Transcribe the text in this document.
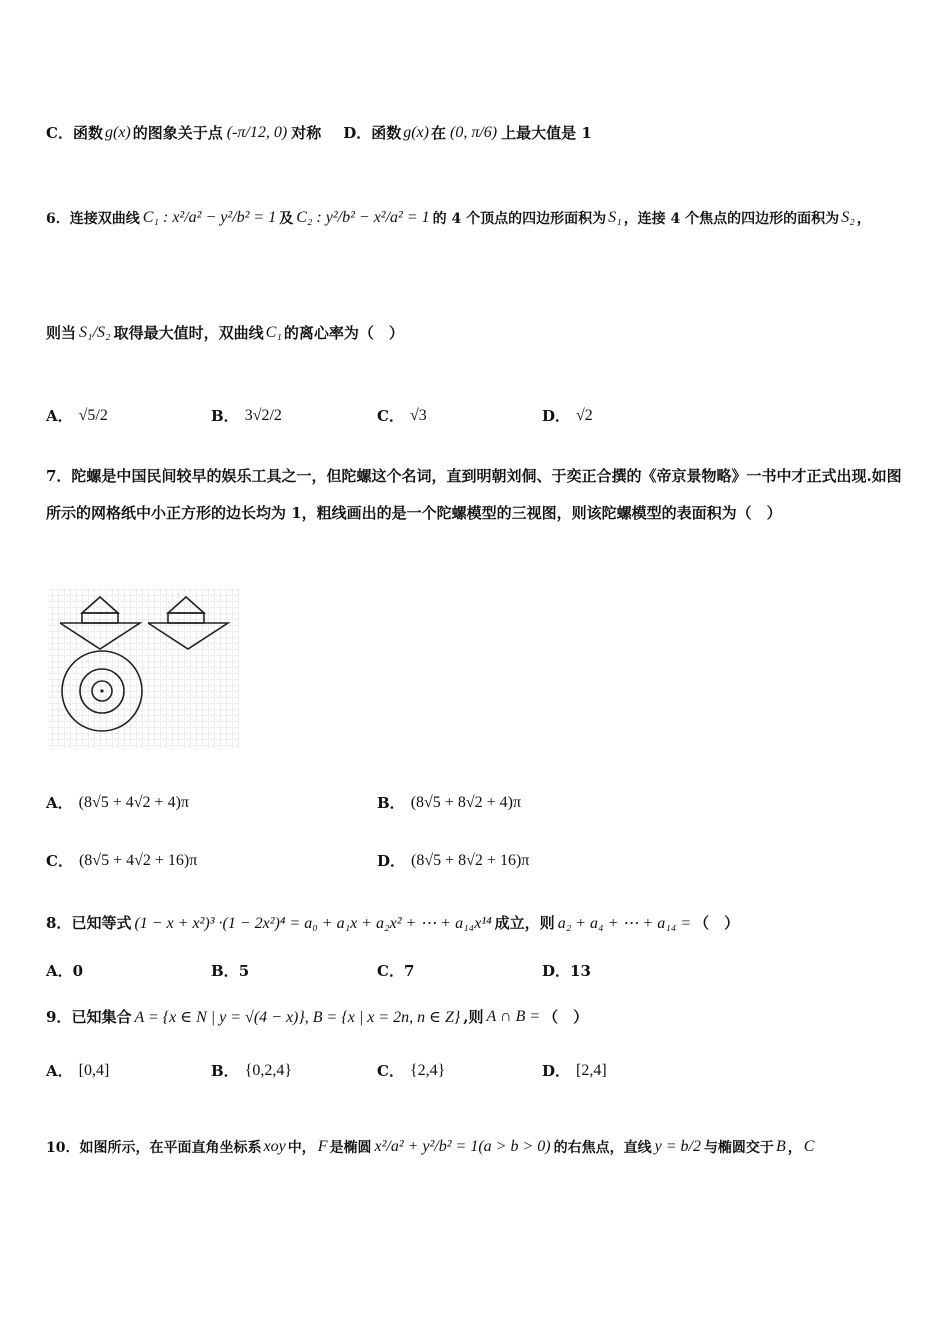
C．函数 g(x) 的图象关于点 (-π/12, 0) 对称 D．函数 g(x) 在 (0, π/6) 上最大值是 1
6． 连接双曲线 C₁ : x²/a² − y²/b² = 1 及 C₂ : y²/b² − x²/a² = 1 的 4 个顶点的四边形面积为 S₁ ，连接 4 个焦点的四边形的面积为 S₂ ，
则当 S₁/S₂ 取得最大值时，双曲线 C₁ 的离心率为（　）
A． √5/2	B． 3√2/2	C． √3	D． √2
7．陀螺是中国民间较早的娱乐工具之一，但陀螺这个名词，直到明朝刘侗、于奕正合撰的《帝京景物略》一书中才正式出现.如图所示的网格纸中小正方形的边长均为 1，粗线画出的是一个陀螺模型的三视图，则该陀螺模型的表面积为（　）
A． (8√5 + 4√2 + 4)π	B． (8√5 + 8√2 + 4)π
C． (8√5 + 4√2 + 16)π	D． (8√5 + 8√2 + 16)π
8． 已知等式 (1 − x + x²)³ ·(1 − 2x²)⁴ = a₀ + a₁x + a₂x² + ⋯ + a₁₄x¹⁴ 成立，则 a₂ + a₄ + ⋯ + a₁₄ = （　）
A． 0	B． 5	C． 7	D． 13
9． 已知集合 A = {x ∈ N | y = √(4 − x)}, B = {x | x = 2n, n ∈ Z} ,则 A ∩ B = （　）
A． [0,4]	B． {0,2,4}	C． {2,4}	D． [2,4]
10． 如图所示，在平面直角坐标系 xoy 中， F 是椭圆 x²/a² + y²/b² = 1(a > b > 0) 的右焦点，直线 y = b/2 与椭圆交于 B ， C
